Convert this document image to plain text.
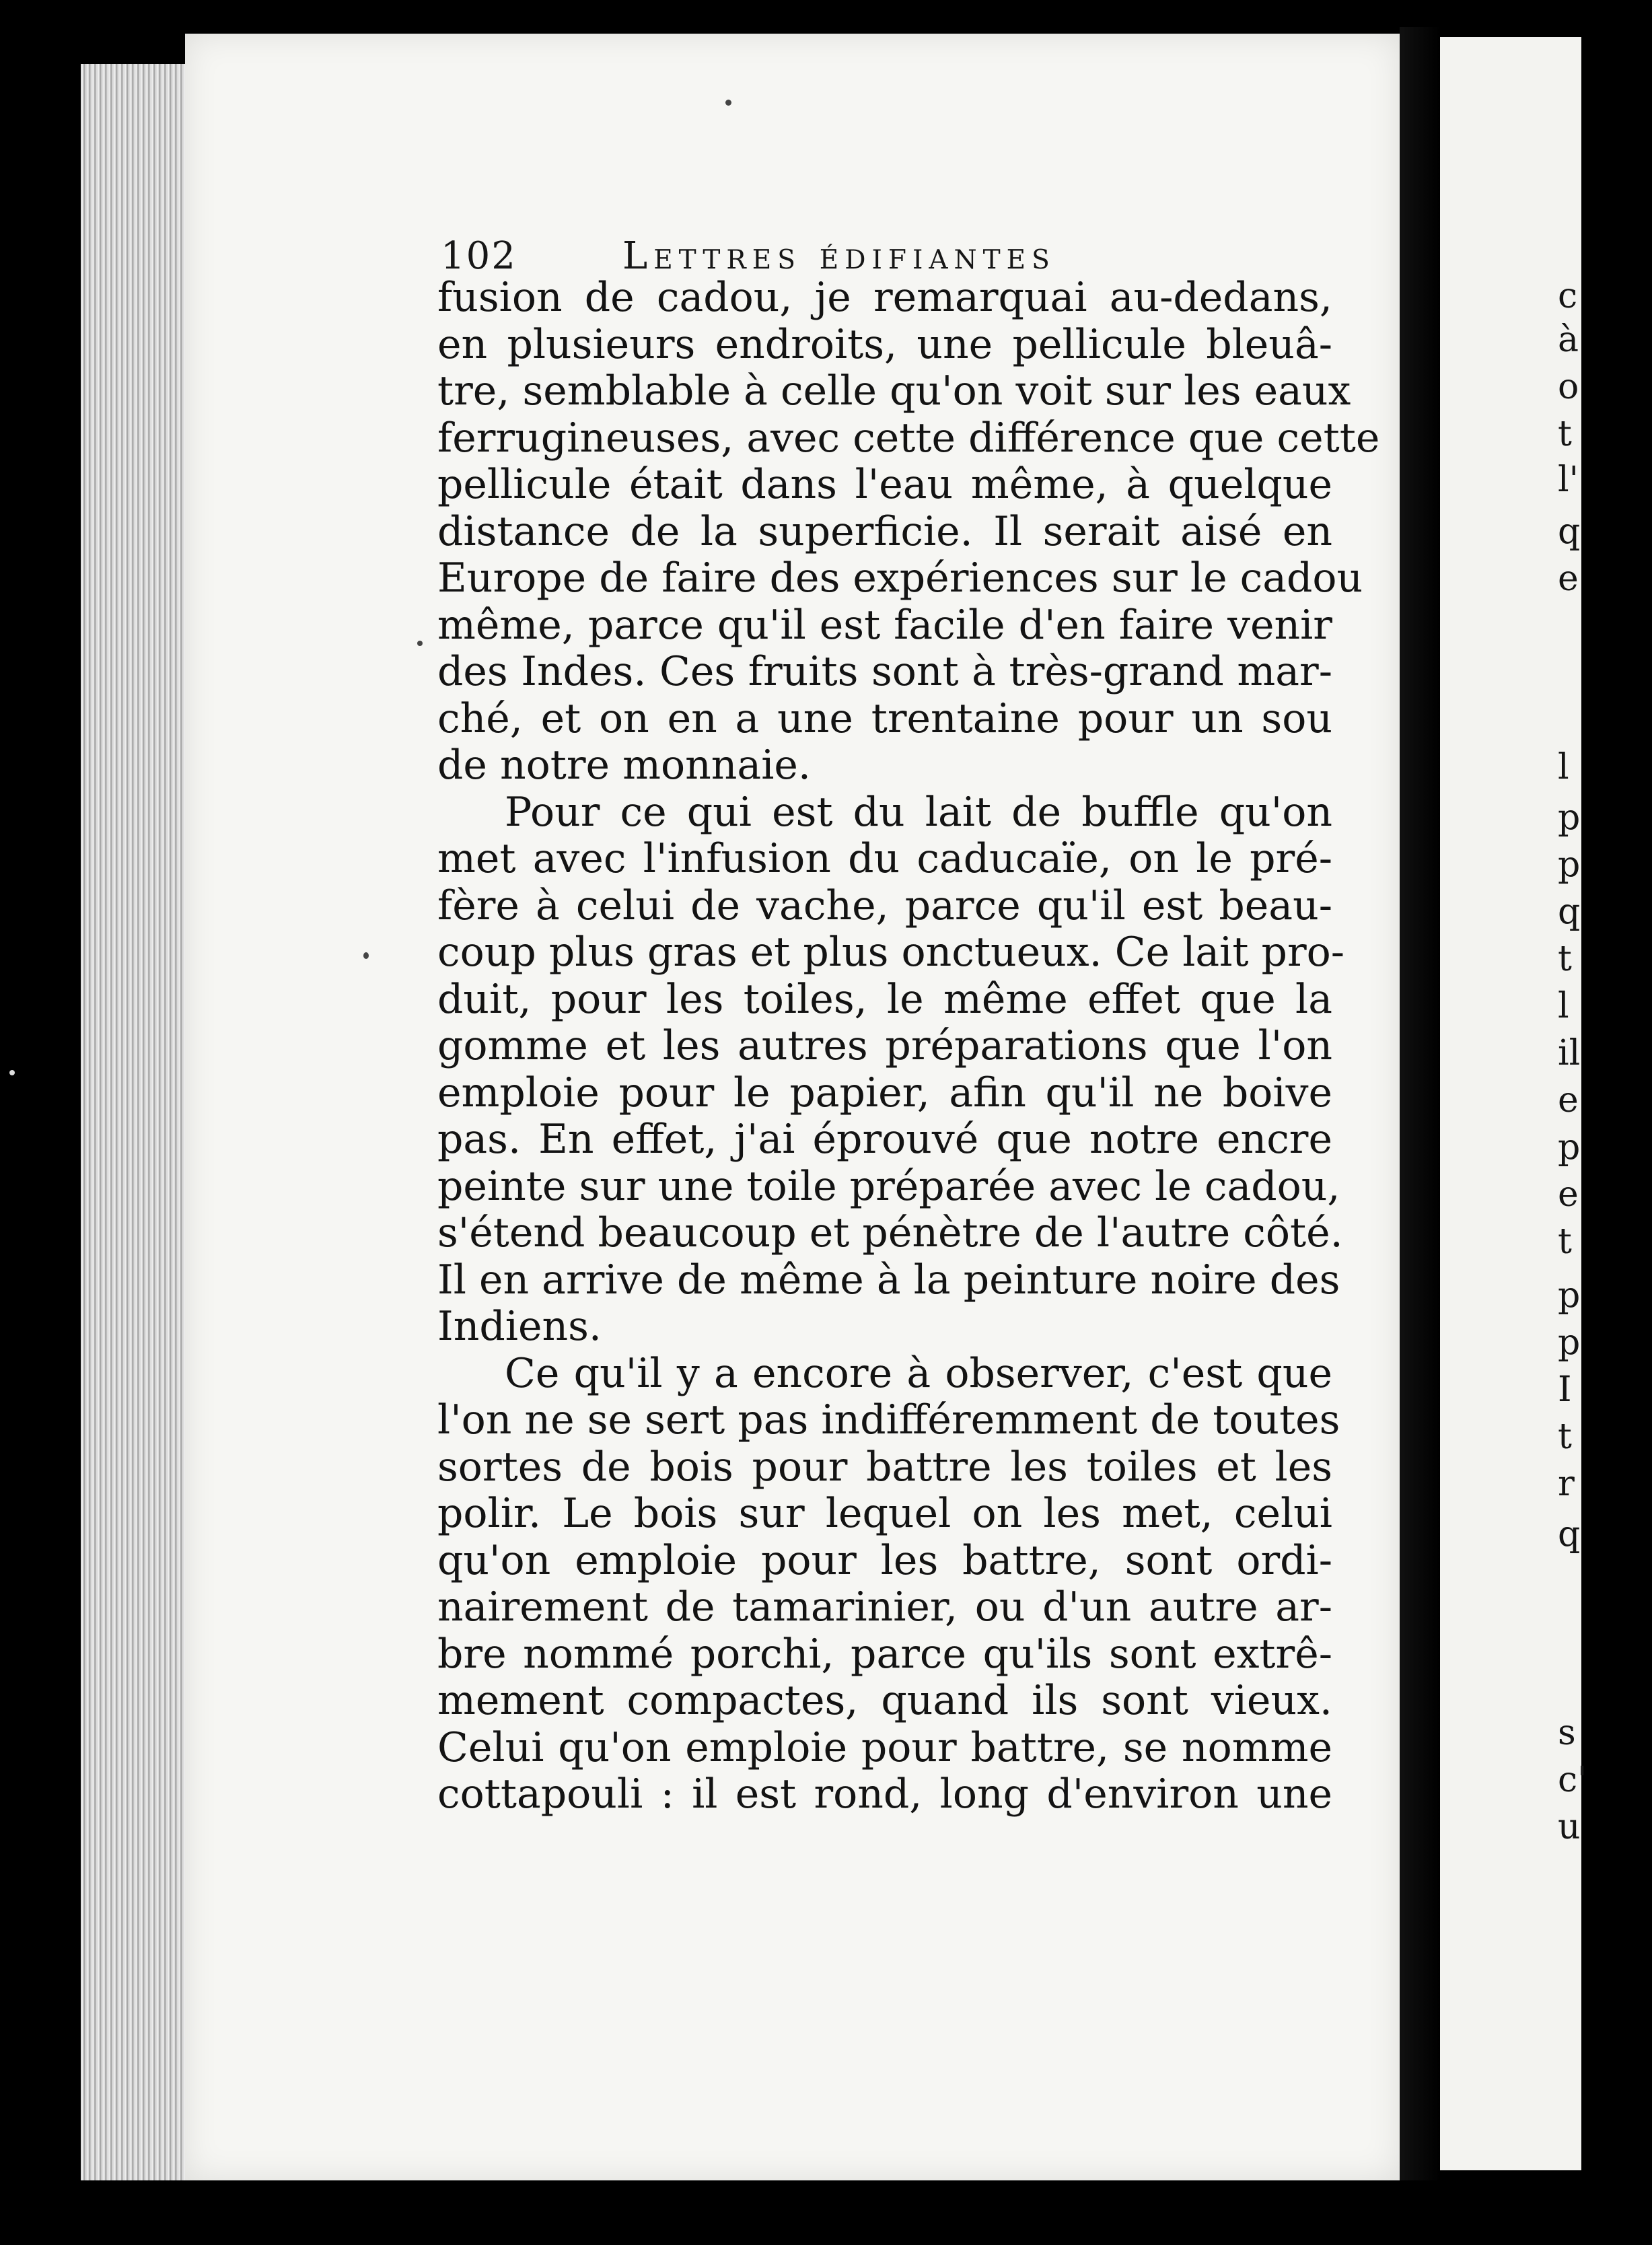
102	Lettres édifiantes
fusion de cadou, je remarquai au-dedans,
en plusieurs endroits, une pellicule bleuâ-
tre, semblable à celle qu'on voit sur les eaux
ferrugineuses, avec cette différence que cette
pellicule était dans l'eau même, à quelque
distance de la superficie. Il serait aisé en
Europe de faire des expériences sur le cadou
même, parce qu'il est facile d'en faire venir
des Indes. Ces fruits sont à très-grand mar-
ché, et on en a une trentaine pour un sou
de notre monnaie.
Pour ce qui est du lait de buffle qu'on
met avec l'infusion du caducaïe, on le pré-
fère à celui de vache, parce qu'il est beau-
coup plus gras et plus onctueux. Ce lait pro-
duit, pour les toiles, le même effet que la
gomme et les autres préparations que l'on
emploie pour le papier, afin qu'il ne boive
pas. En effet, j'ai éprouvé que notre encre
peinte sur une toile préparée avec le cadou,
s'étend beaucoup et pénètre de l'autre côté.
Il en arrive de même à la peinture noire des
Indiens.
Ce qu'il y a encore à observer, c'est que
l'on ne se sert pas indifféremment de toutes
sortes de bois pour battre les toiles et les
polir. Le bois sur lequel on les met, celui
qu'on emploie pour les battre, sont ordi-
nairement de tamarinier, ou d'un autre ar-
bre nommé porchi, parce qu'ils sont extrê-
mement compactes, quand ils sont vieux.
Celui qu'on emploie pour battre, se nomme
cottapouli : il est rond, long d'environ une
c
à
o
t
l'
q
e
l
p
p
q
t
l
il
e
p
e
t
p
p
I
t
r
q
s
c'
u
